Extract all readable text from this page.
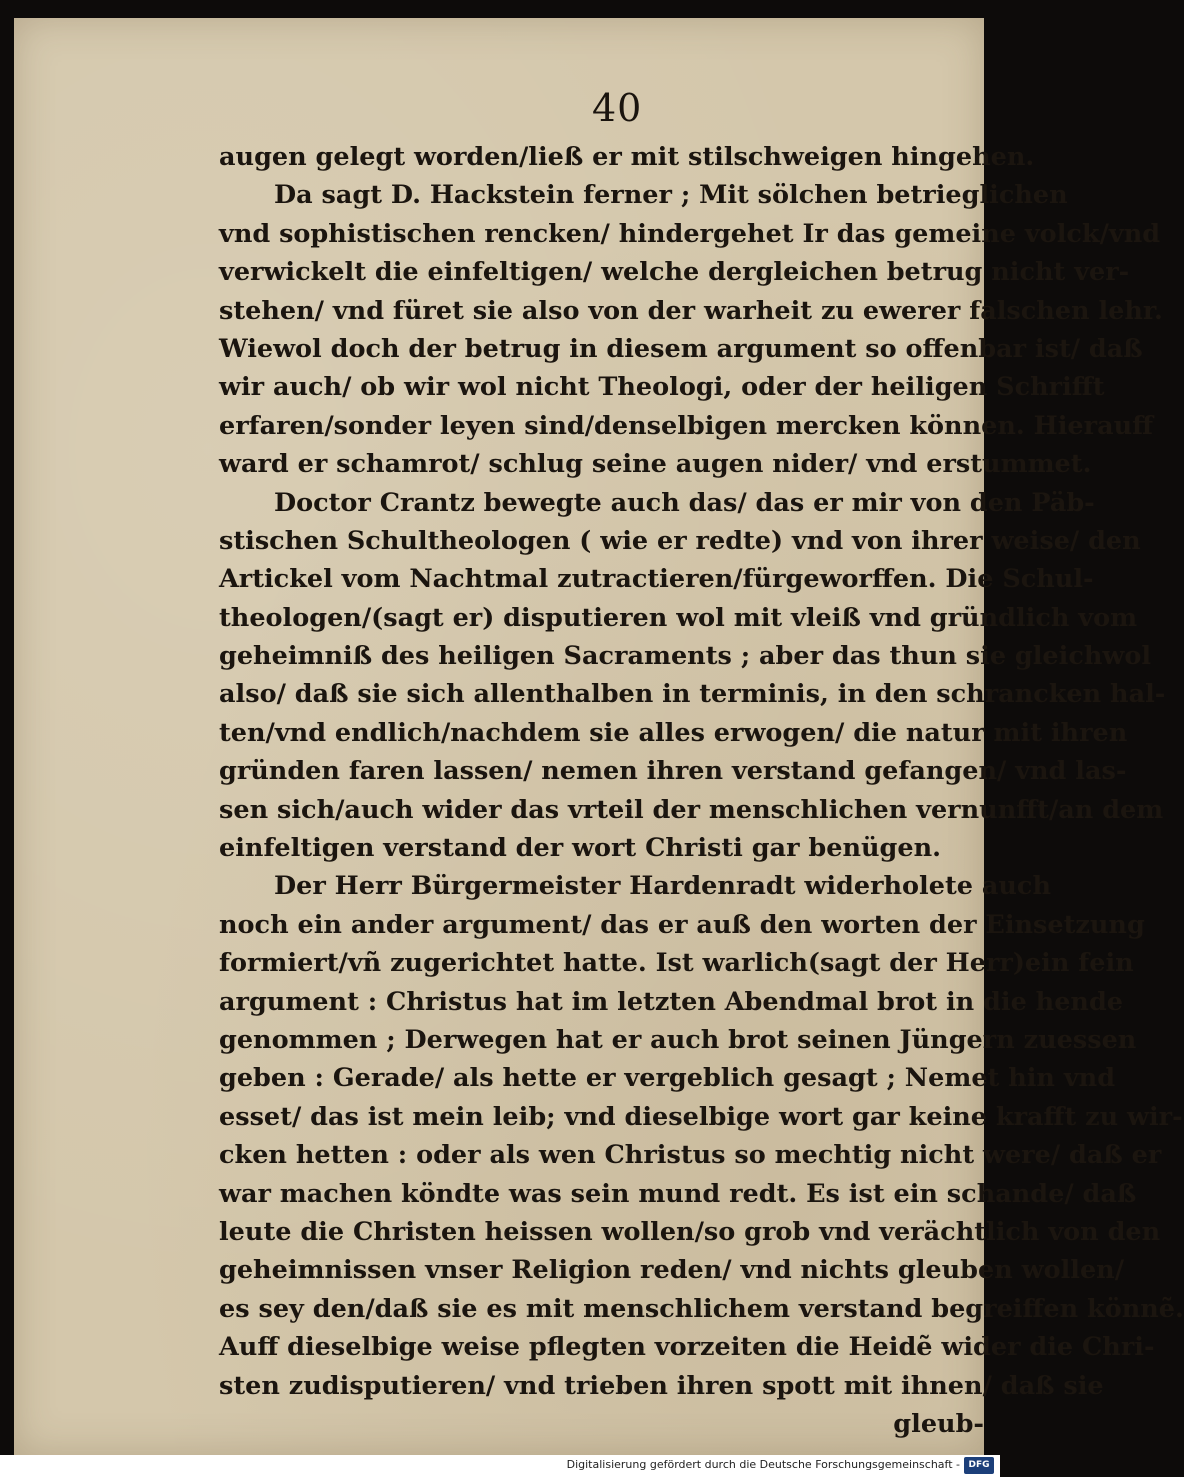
40
augen gelegt worden/ließ er mit stilschweigen hingehen.
Da sagt D. Hackstein ferner ; Mit sölchen betrieglichen
vnd sophistischen rencken/ hindergehet Ir das gemeine volck/vnd
verwickelt die einfeltigen/ welche dergleichen betrug nicht ver-
stehen/ vnd füret sie also von der warheit zu ewerer falschen lehr.
Wiewol doch der betrug in diesem argument so offenbar ist/ daß
wir auch/ ob wir wol nicht Theologi, oder der heiligen Schrifft
erfaren/sonder leyen sind/denselbigen mercken können. Hierauff
ward er schamrot/ schlug seine augen nider/ vnd erstummet.
Doctor Crantz bewegte auch das/ das er mir von den Päb-
stischen Schultheologen ( wie er redte) vnd von ihrer weise/ den
Artickel vom Nachtmal zutractieren/fürgeworffen. Die Schul-
theologen/(sagt er) disputieren wol mit vleiß vnd gründlich vom
geheimniß des heiligen Sacraments ; aber das thun sie gleichwol
also/ daß sie sich allenthalben in terminis, in den schrancken hal-
ten/vnd endlich/nachdem sie alles erwogen/ die natur mit ihren
gründen faren lassen/ nemen ihren verstand gefangen/ vnd las-
sen sich/auch wider das vrteil der menschlichen vernunfft/an dem
einfeltigen verstand der wort Christi gar benügen.
Der Herr Bürgermeister Hardenradt widerholete auch
noch ein ander argument/ das er auß den worten der Einsetzung
formiert/vñ zugerichtet hatte. Ist warlich(sagt der Herr)ein fein
argument : Christus hat im letzten Abendmal brot in die hende
genommen ; Derwegen hat er auch brot seinen Jüngern zuessen
geben : Gerade/ als hette er vergeblich gesagt ; Nemet hin vnd
esset/ das ist mein leib; vnd dieselbige wort gar keine krafft zu wir-
cken hetten : oder als wen Christus so mechtig nicht were/ daß er
war machen köndte was sein mund redt. Es ist ein schande/ daß
leute die Christen heissen wollen/so grob vnd verächtlich von den
geheimnissen vnser Religion reden/ vnd nichts gleuben wollen/
es sey den/daß sie es mit menschlichem verstand begreiffen könnẽ.
Auff dieselbige weise pflegten vorzeiten die Heidẽ wider die Chri-
sten zudisputieren/ vnd trieben ihren spott mit ihnen/ daß sie
gleub-
Digitalisierung gefördert durch die Deutsche Forschungsgemeinschaft - DFG
